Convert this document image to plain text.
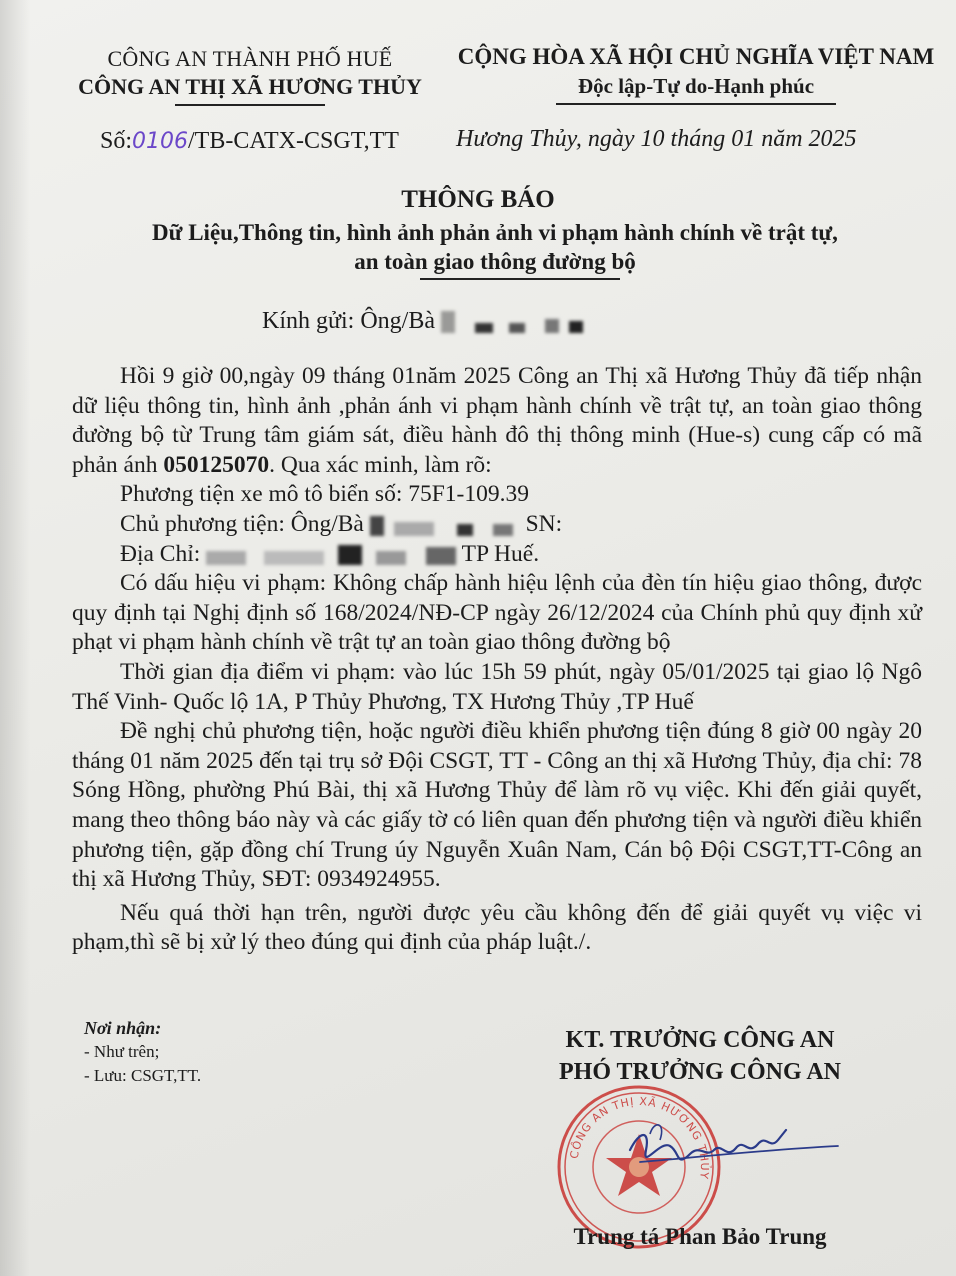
CÔNG AN THÀNH PHỐ HUẾ
CÔNG AN THỊ XÃ HƯƠNG THỦY
CỘNG HÒA XÃ HỘI CHỦ NGHĨA VIỆT NAM
Độc lập-Tự do-Hạnh phúc
Số:0106/TB-CATX-CSGT,TT Hương Thủy, ngày 10 tháng 01 năm 2025
THÔNG BÁO
Dữ Liệu,Thông tin, hình ảnh phản ảnh vi phạm hành chính về trật tự,
an toàn giao thông đường bộ
Kính gửi: Ông/Bà

Hồi 9 giờ 00,ngày 09 tháng 01năm 2025 Công an Thị xã Hương Thủy đã tiếp nhận dữ liệu thông tin, hình ảnh ,phản ánh vi phạm hành chính về trật tự, an toàn giao thông đường bộ từ Trung tâm giám sát, điều hành đô thị thông minh (Hue-s) cung cấp có mã phản ánh 050125070. Qua xác minh, làm rõ:

Phương tiện xe mô tô biển số: 75F1-109.39

Chủ phương tiện: Ông/Bà	SN:

Địa Chỉ:	TP Huế.

Có dấu hiệu vi phạm: Không chấp hành hiệu lệnh của đèn tín hiệu giao thông, được quy định tại Nghị định số 168/2024/NĐ-CP ngày 26/12/2024 của Chính phủ quy định xử phạt vi phạm hành chính về trật tự an toàn giao thông đường bộ

Thời gian địa điểm vi phạm: vào lúc 15h 59 phút, ngày 05/01/2025 tại giao lộ Ngô Thế Vinh- Quốc lộ 1A, P Thủy Phương, TX Hương Thủy ,TP Huế

Đề nghị chủ phương tiện, hoặc người điều khiển phương tiện đúng 8 giờ 00 ngày 20 tháng 01 năm 2025 đến tại trụ sở Đội CSGT, TT - Công an thị xã Hương Thủy, địa chỉ: 78 Sóng Hồng, phường Phú Bài, thị xã Hương Thủy để làm rõ vụ việc. Khi đến giải quyết, mang theo thông báo này và các giấy tờ có liên quan đến phương tiện và người điều khiển phương tiện, gặp đồng chí Trung úy Nguyễn Xuân Nam, Cán bộ Đội CSGT,TT-Công an thị xã Hương Thủy, SĐT: 0934924955.

Nếu quá thời hạn trên, người được yêu cầu không đến để giải quyết vụ việc vi phạm,thì sẽ bị xử lý theo đúng qui định của pháp luật./.

Nơi nhận:
- Như trên;
- Lưu: CSGT,TT.
KT. TRƯỞNG CÔNG AN
PHÓ TRƯỞNG CÔNG AN
CÔNG AN THỊ XÃ HƯƠNG THỦY
Trung tá Phan Bảo Trung
